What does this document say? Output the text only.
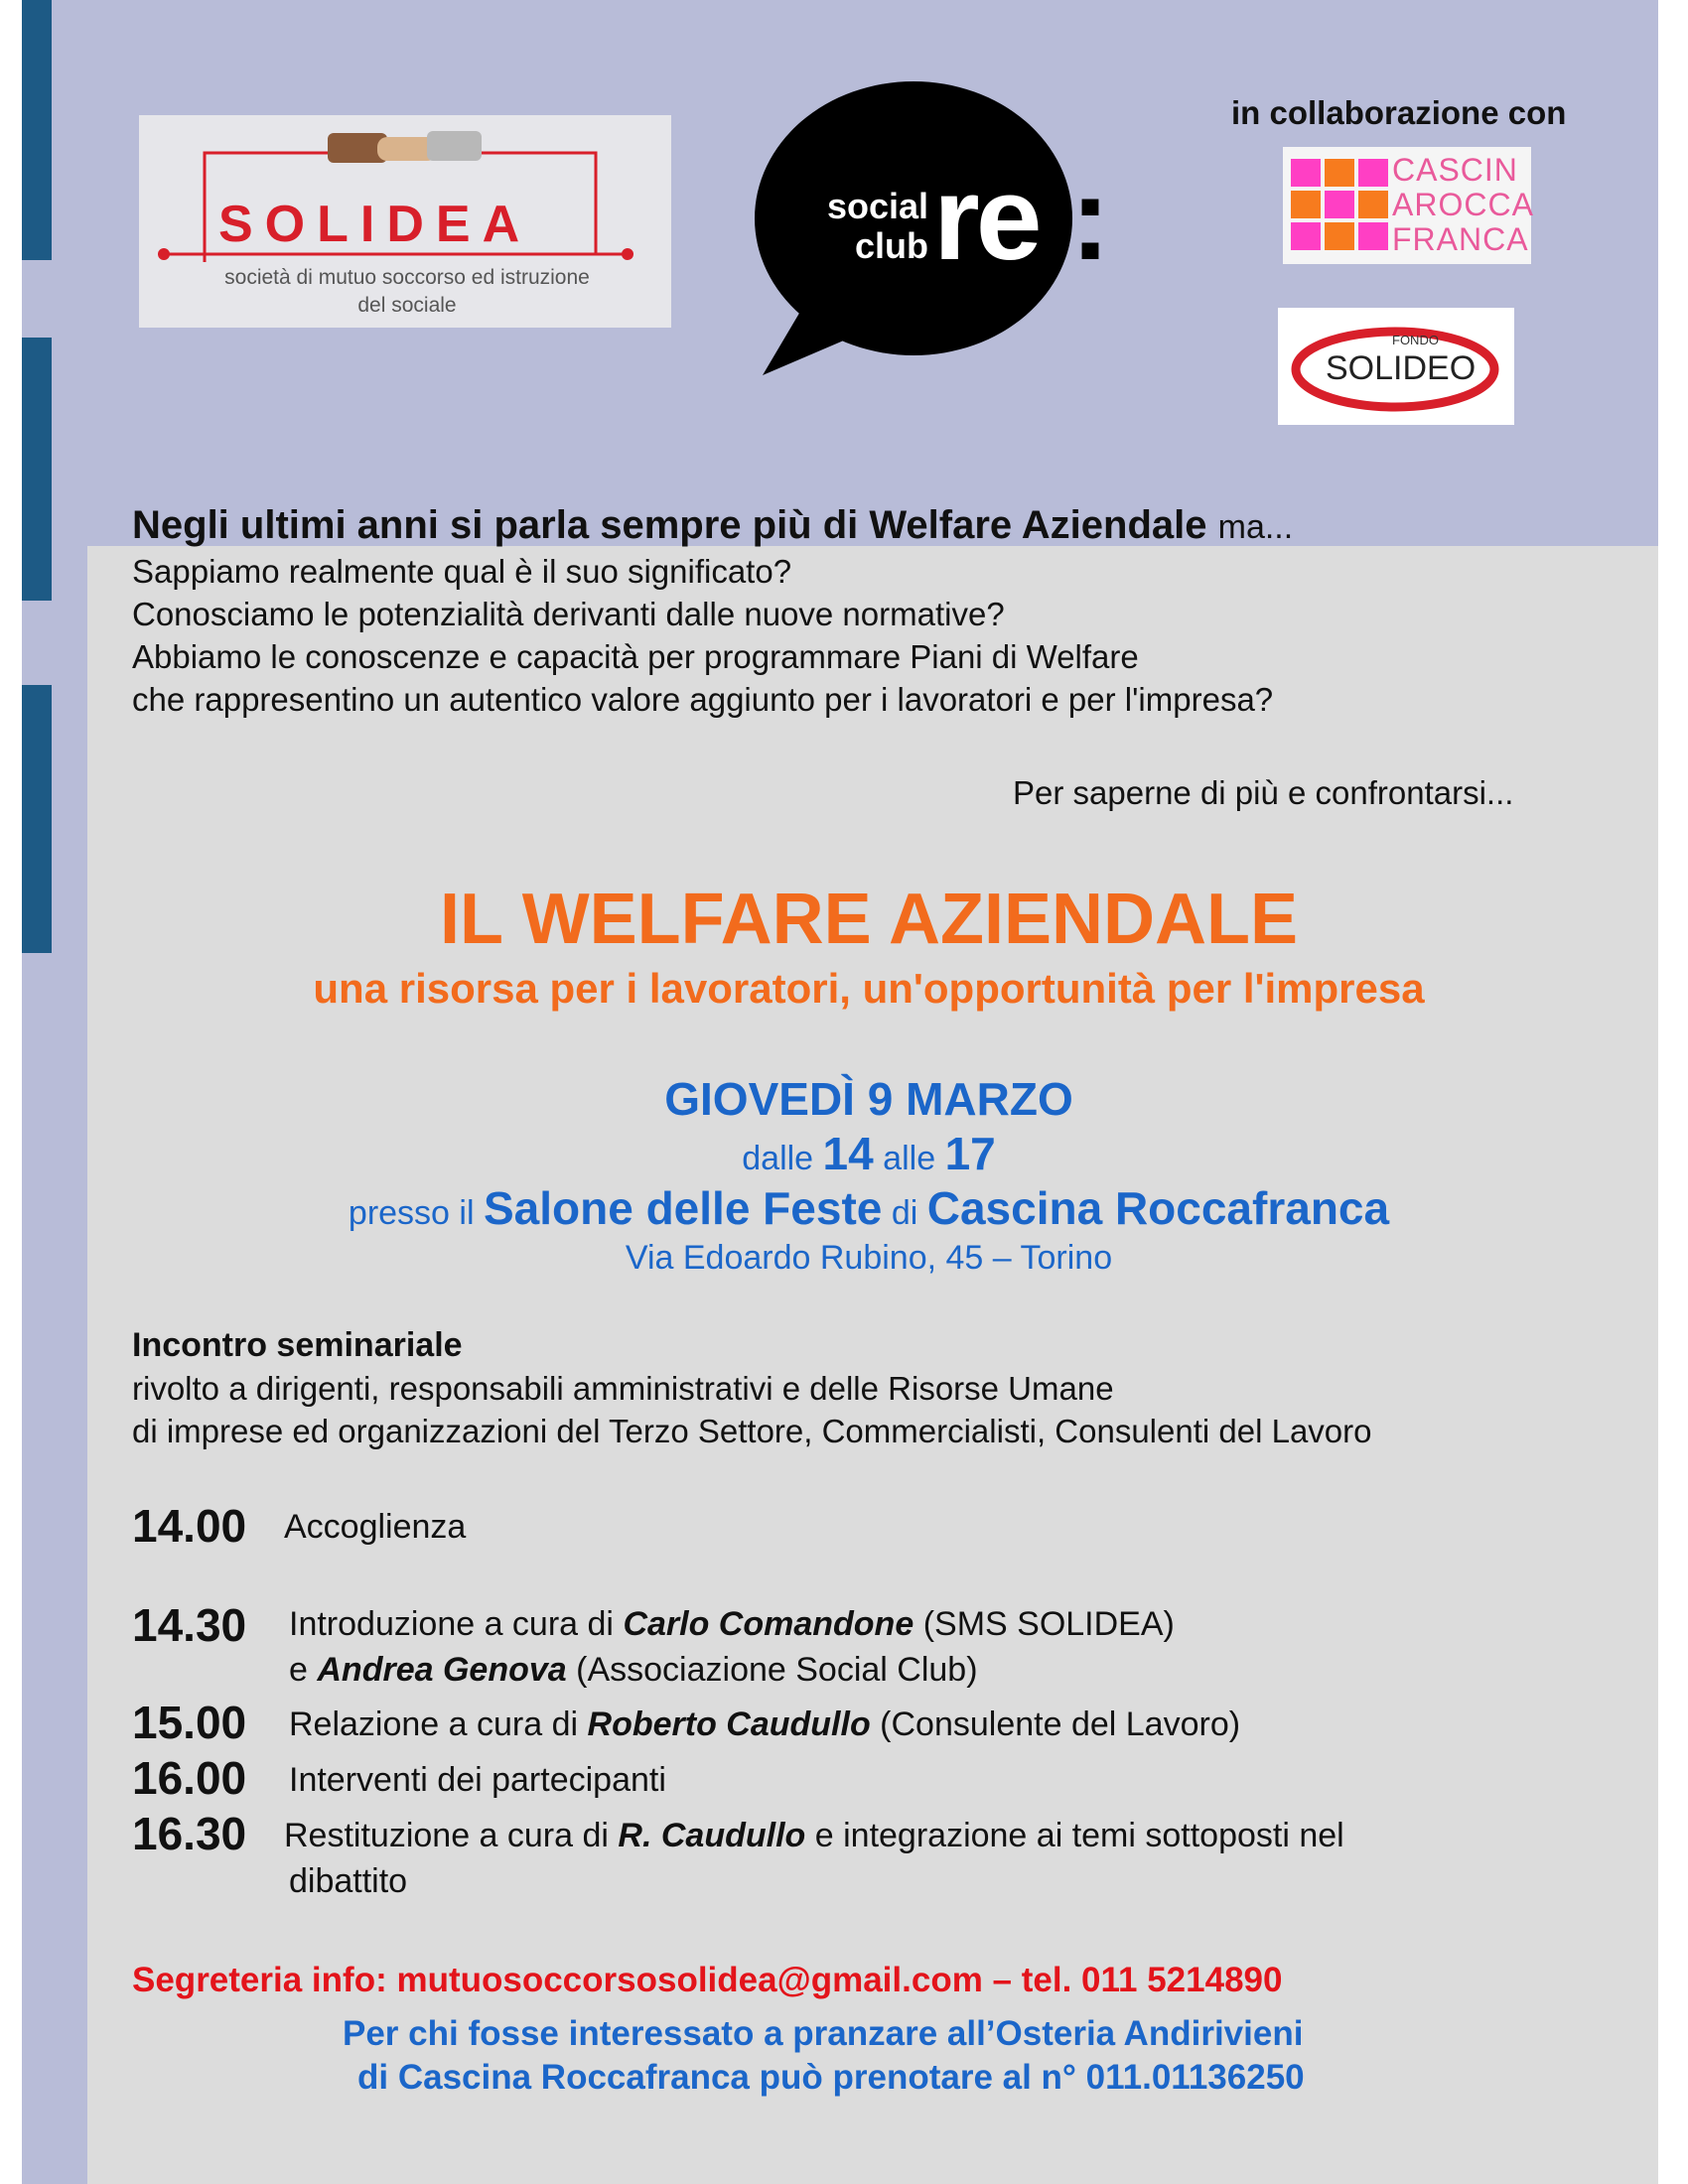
SOLIDEA
società di mutuo soccorso ed istruzione
del sociale
social
club re :
in collaborazione con
CASCIN
AROCCA
FRANCA
FONDO
SOLIDEO
Negli ultimi anni si parla sempre più di Welfare Aziendale ma...
Sappiamo realmente qual è il suo significato?
Conosciamo le potenzialità derivanti dalle nuove normative?
Abbiamo le conoscenze e capacità per programmare Piani di Welfare
che rappresentino un autentico valore aggiunto per i lavoratori e per l'impresa?
Per saperne di più e confrontarsi...
IL WELFARE AZIENDALE
una risorsa per i lavoratori, un'opportunità per l'impresa
GIOVEDÌ 9 MARZO
dalle 14 alle 17
presso il Salone delle Feste di Cascina Roccafranca
Via Edoardo Rubino, 45 – Torino
Incontro seminariale
rivolto a dirigenti, responsabili amministrativi e delle Risorse Umane
di imprese ed organizzazioni del Terzo Settore, Commercialisti, Consulenti del Lavoro
14.00 Accoglienza
14.30 Introduzione a cura di Carlo Comandone (SMS SOLIDEA)
e Andrea Genova (Associazione Social Club)
15.00 Relazione a cura di Roberto Caudullo (Consulente del Lavoro)
16.00 Interventi dei partecipanti
16.30 Restituzione a cura di R. Caudullo e integrazione ai temi sottoposti nel
dibattito
Segreteria info: mutuosoccorsosolidea@gmail.com – tel. 011 5214890
Per chi fosse interessato a pranzare all’Osteria Andirivieni
di Cascina Roccafranca può prenotare al n° 011.01136250
